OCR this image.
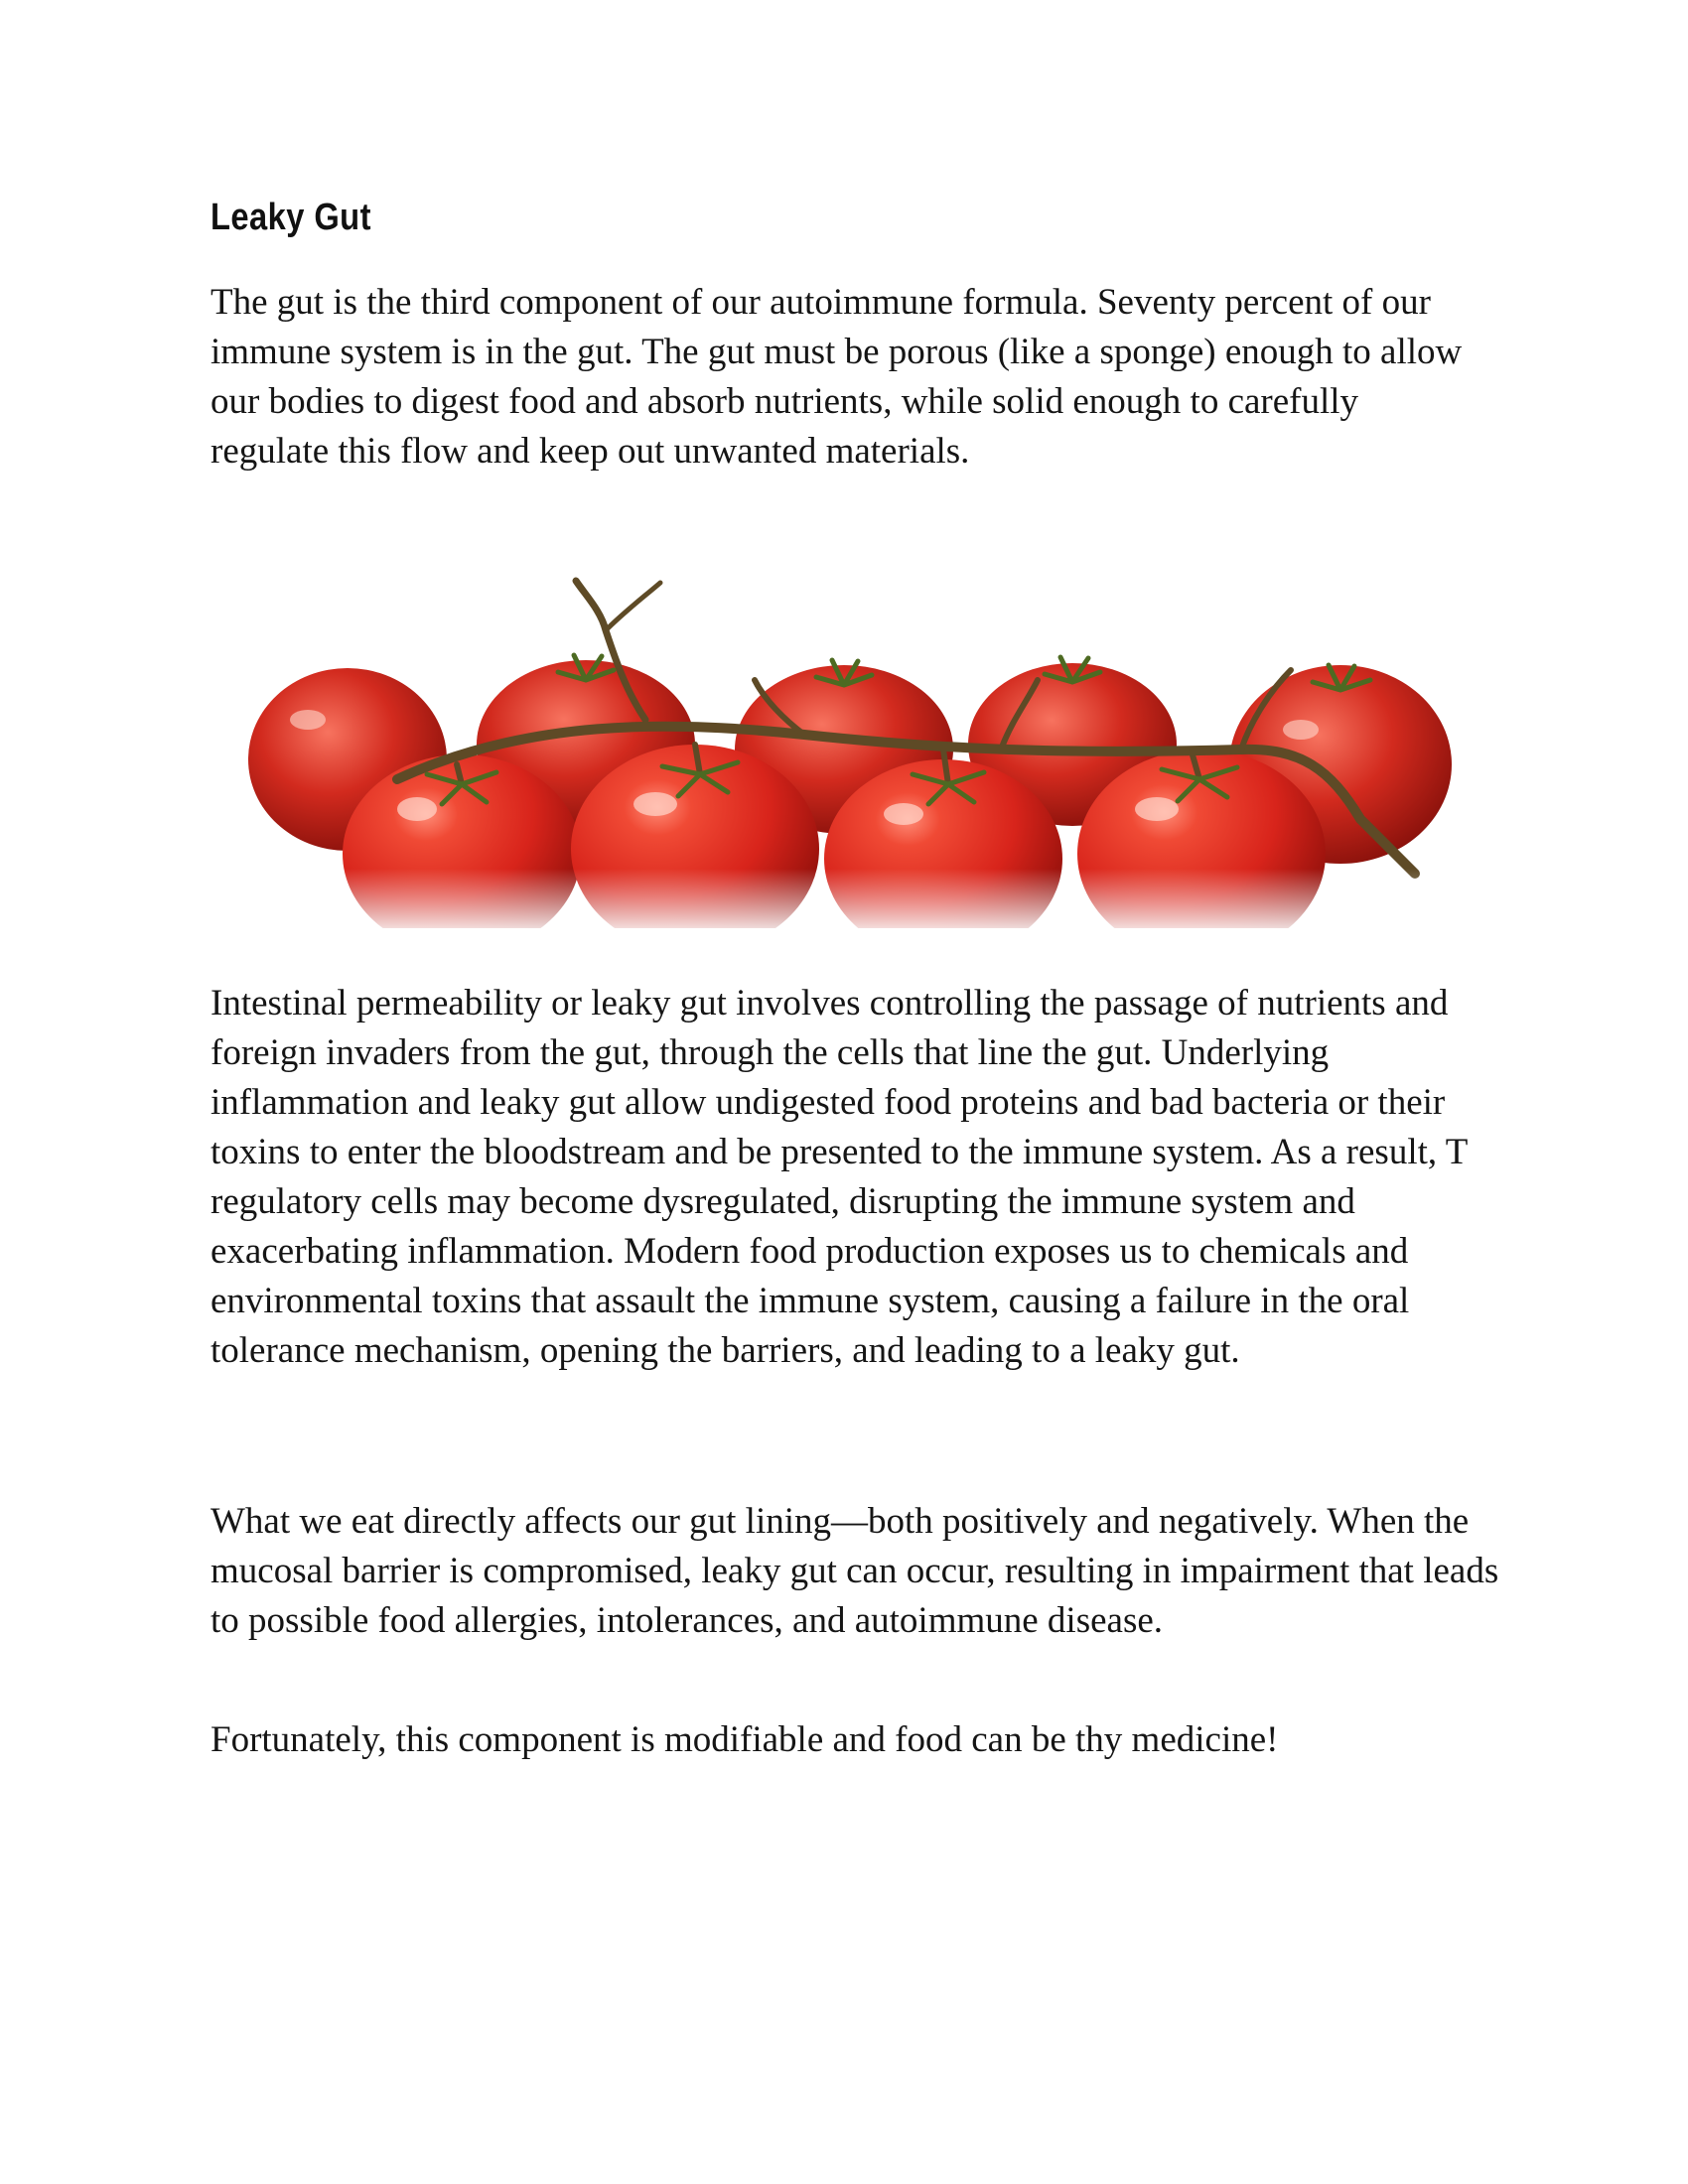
Leaky Gut

The gut is the third component of our autoimmune formula. Seventy percent of our immune system is in the gut. The gut must be porous (like a sponge) enough to allow our bodies to digest food and absorb nutrients, while solid enough to carefully regulate this flow and keep out unwanted materials.

Intestinal permeability or leaky gut involves controlling the passage of nutrients and foreign invaders from the gut, through the cells that line the gut. Underlying inflammation and leaky gut allow undigested food proteins and bad bacteria or their toxins to enter the bloodstream and be presented to the immune system. As a result, T regulatory cells may become dysregulated, disrupting the immune system and exacerbating inflammation. Modern food production exposes us to chemicals and environmental toxins that assault the immune system, causing a failure in the oral tolerance mechanism, opening the barriers, and leading to a leaky gut.

What we eat directly affects our gut lining—both positively and negatively. When the mucosal barrier is compromised, leaky gut can occur, resulting in impairment that leads to possible food allergies, intolerances, and autoimmune disease.

Fortunately, this component is modifiable and food can be thy medicine!
